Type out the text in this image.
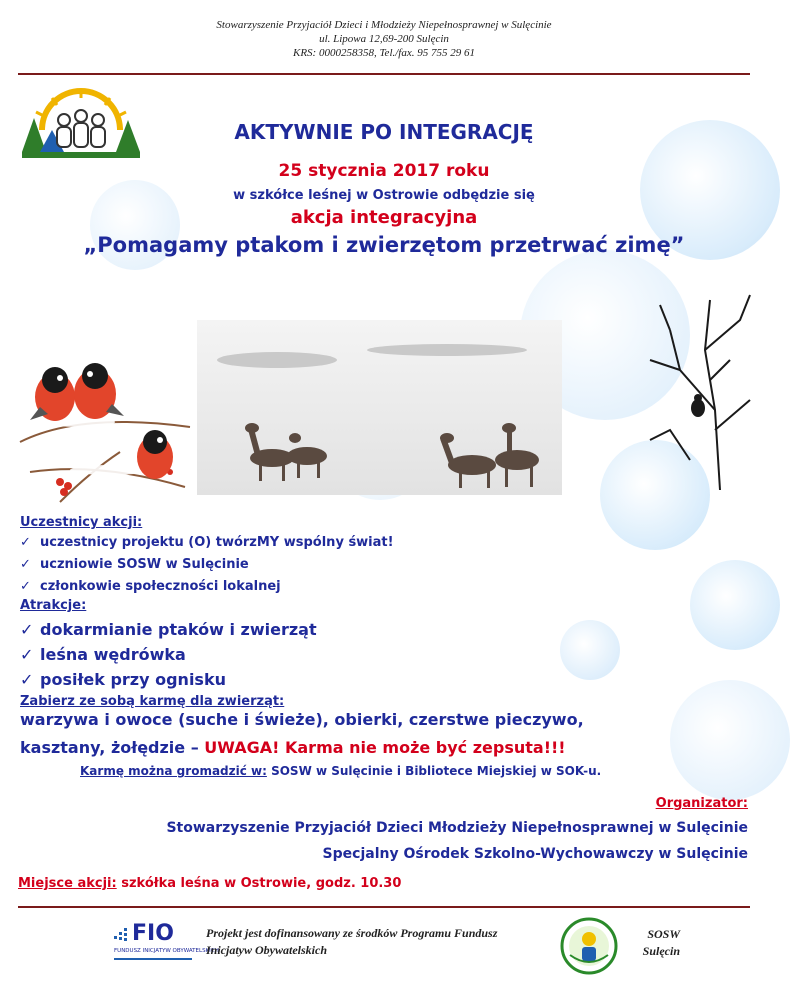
Stowarzyszenie Przyjaciół Dzieci i Młodzieży Niepełnosprawnej w Sulęcinie
ul. Lipowa 12,69-200 Sulęcin
KRS: 0000258358, Tel./fax. 95 755 29 61
AKTYWNIE PO INTEGRACJĘ
25 stycznia 2017 roku
w szkółce leśnej w Ostrowie odbędzie się
akcja integracyjna
„Pomagamy ptakom i zwierzętom przetrwać zimę”
Uczestnicy akcji:
✓ uczestnicy projektu (O) twórzMY wspólny świat!
✓ uczniowie SOSW w Sulęcinie
✓ członkowie społeczności lokalnej
Atrakcje:
✓ dokarmianie ptaków i zwierząt
✓ leśna wędrówka
✓ posiłek przy ognisku
Zabierz ze sobą karmę dla zwierząt:
warzywa i owoce (suche i świeże), obierki, czerstwe pieczywo,
kasztany, żołędzie – UWAGA! Karma nie może być zepsuta!!!
Karmę można gromadzić w: SOSW w Sulęcinie i Bibliotece Miejskiej w SOK-u.
Organizator:
Stowarzyszenie Przyjaciół Dzieci Młodzieży Niepełnosprawnej w Sulęcinie
Specjalny Ośrodek Szkolno-Wychowawczy w Sulęcinie
Miejsce akcji: szkółka leśna w Ostrowie, godz. 10.30
FIO
FUNDUSZ INICJATYW OBYWATELSKICH
Projekt jest dofinansowany ze środków Programu Fundusz Inicjatyw Obywatelskich
SOSW Sulęcin
